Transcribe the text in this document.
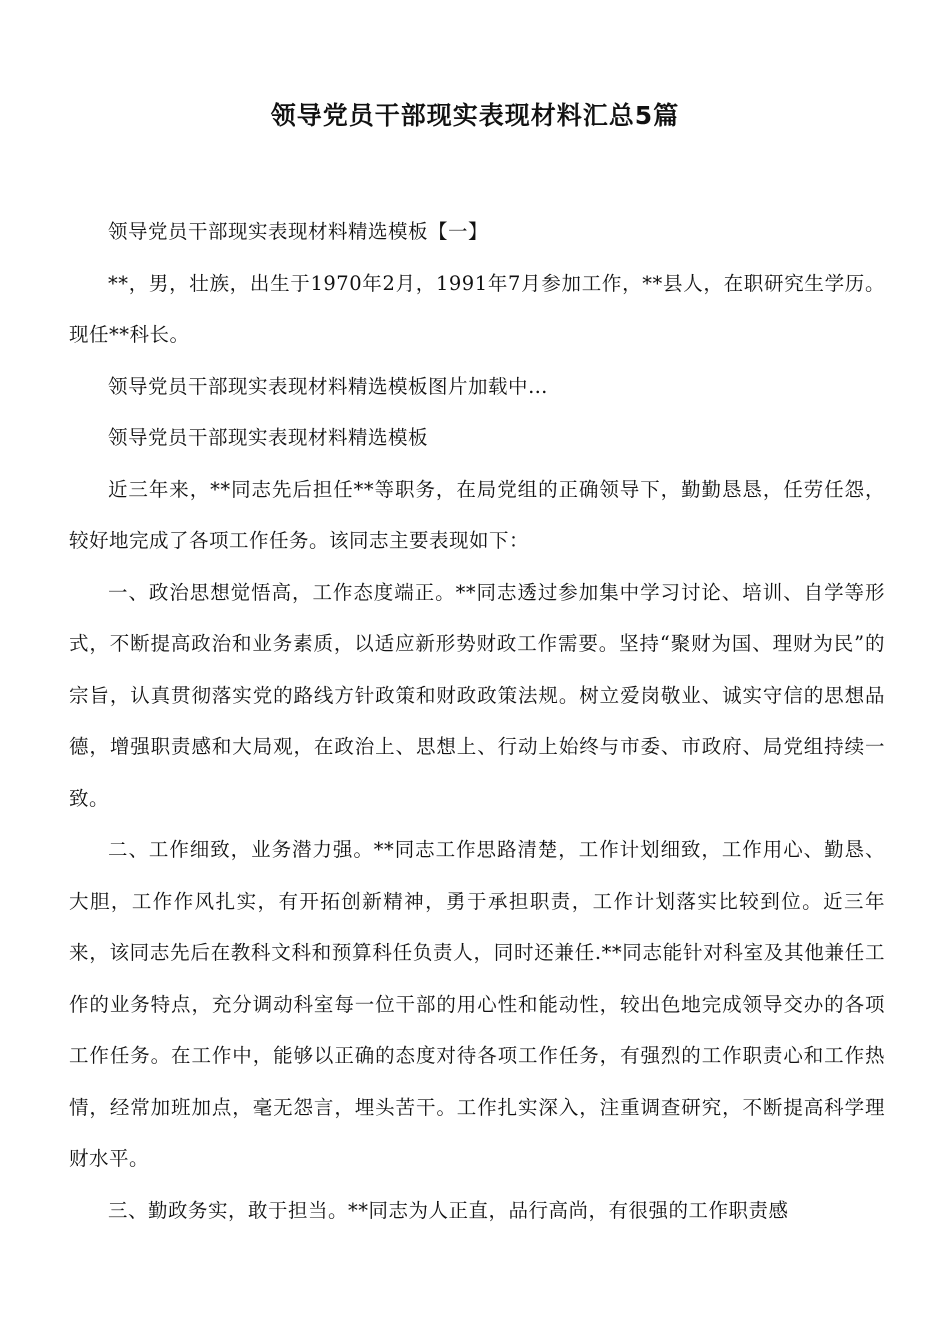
领导党员干部现实表现材料汇总5篇

领导党员干部现实表现材料精选模板【一】

**，男，壮族，出生于1970年2月，1991年7月参加工作，**县人，在职研究生学历。现任**科长。

领导党员干部现实表现材料精选模板图片加载中…

领导党员干部现实表现材料精选模板

近三年来，**同志先后担任**等职务，在局党组的正确领导下，勤勤恳恳，任劳任怨，较好地完成了各项工作任务。该同志主要表现如下：

一、政治思想觉悟高，工作态度端正。**同志透过参加集中学习讨论、培训、自学等形式，不断提高政治和业务素质，以适应新形势财政工作需要。坚持“聚财为国、理财为民”的宗旨，认真贯彻落实党的路线方针政策和财政政策法规。树立爱岗敬业、诚实守信的思想品德，增强职责感和大局观，在政治上、思想上、行动上始终与市委、市政府、局党组持续一致。

二、工作细致，业务潜力强。**同志工作思路清楚，工作计划细致，工作用心、勤恳、大胆，工作作风扎实，有开拓创新精神，勇于承担职责，工作计划落实比较到位。近三年来，该同志先后在教科文科和预算科任负责人，同时还兼任.**同志能针对科室及其他兼任工作的业务特点，充分调动科室每一位干部的用心性和能动性，较出色地完成领导交办的各项工作任务。在工作中，能够以正确的态度对待各项工作任务，有强烈的工作职责心和工作热情，经常加班加点，毫无怨言，埋头苦干。工作扎实深入，注重调查研究，不断提高科学理财水平。

三、勤政务实，敢于担当。**同志为人正直，品行高尚，有很强的工作职责感
